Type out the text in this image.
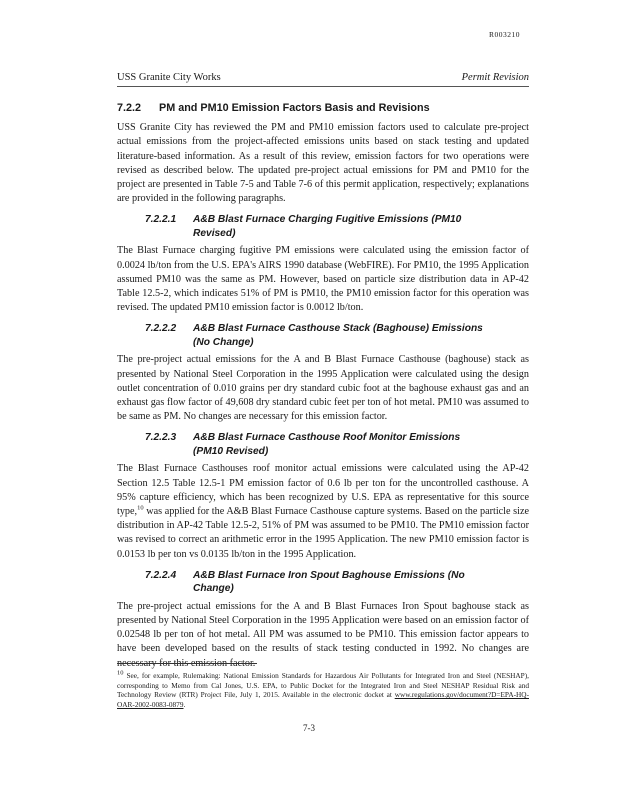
R003210
USS Granite City Works	Permit Revision
7.2.2	PM and PM10 Emission Factors Basis and Revisions

USS Granite City has reviewed the PM and PM10 emission factors used to calculate pre-project actual emissions from the project-affected emissions units based on stack testing and updated literature-based information. As a result of this review, emission factors for two operations were revised as described below. The updated pre-project actual emissions for PM and PM10 for the project are presented in Table 7-5 and Table 7-6 of this permit application, respectively; explanations are provided in the following paragraphs.

7.2.2.1	A&B Blast Furnace Charging Fugitive Emissions (PM10 Revised)

The Blast Furnace charging fugitive PM emissions were calculated using the emission factor of 0.0024 lb/ton from the U.S. EPA's AIRS 1990 database (WebFIRE). For PM10, the 1995 Application assumed PM10 was the same as PM. However, based on particle size distribution data in AP-42 Table 12.5-2, which indicates 51% of PM is PM10, the PM10 emission factor for this operation was revised. The updated PM10 emission factor is 0.0012 lb/ton.

7.2.2.2	A&B Blast Furnace Casthouse Stack (Baghouse) Emissions (No Change)

The pre-project actual emissions for the A and B Blast Furnace Casthouse (baghouse) stack as presented by National Steel Corporation in the 1995 Application were calculated using the design outlet concentration of 0.010 grains per dry standard cubic foot at the baghouse exhaust gas and an exhaust gas flow factor of 49,608 dry standard cubic feet per ton of hot metal. PM10 was assumed to be same as PM. No changes are necessary for this emission factor.

7.2.2.3	A&B Blast Furnace Casthouse Roof Monitor Emissions (PM10 Revised)

The Blast Furnace Casthouses roof monitor actual emissions were calculated using the AP-42 Section 12.5 Table 12.5-1 PM emission factor of 0.6 lb per ton for the uncontrolled casthouse. A 95% capture efficiency, which has been recognized by U.S. EPA as representative for this source type,$^{10}$ was applied for the A&B Blast Furnace Casthouse capture systems. Based on the particle size distribution in AP-42 Table 12.5-2, 51% of PM was assumed to be PM10. The PM10 emission factor was revised to correct an arithmetic error in the 1995 Application. The new PM10 emission factor is 0.0153 lb per ton vs 0.0135 lb/ton in the 1995 Application.

7.2.2.4	A&B Blast Furnace Iron Spout Baghouse Emissions (No Change)

The pre-project actual emissions for the A and B Blast Furnaces Iron Spout baghouse stack as presented by National Steel Corporation in the 1995 Application were based on an emission factor of 0.02548 lb per ton of hot metal. All PM was assumed to be PM10. This emission factor appears to have been developed based on the results of stack testing conducted in 1992. No changes are necessary for this emission factor.

$^{10}$ See, for example, Rulemaking: National Emission Standards for Hazardous Air Pollutants for Integrated Iron and Steel (NESHAP), corresponding to Memo from Cal Jones, U.S. EPA, to Public Docket for the Integrated Iron and Steel NESHAP Residual Risk and Technology Review (RTR) Project File, July 1, 2015. Available in the electronic docket at www.regulations.gov/document?D=EPA-HQ-OAR-2002-0083-0879.
7-3
